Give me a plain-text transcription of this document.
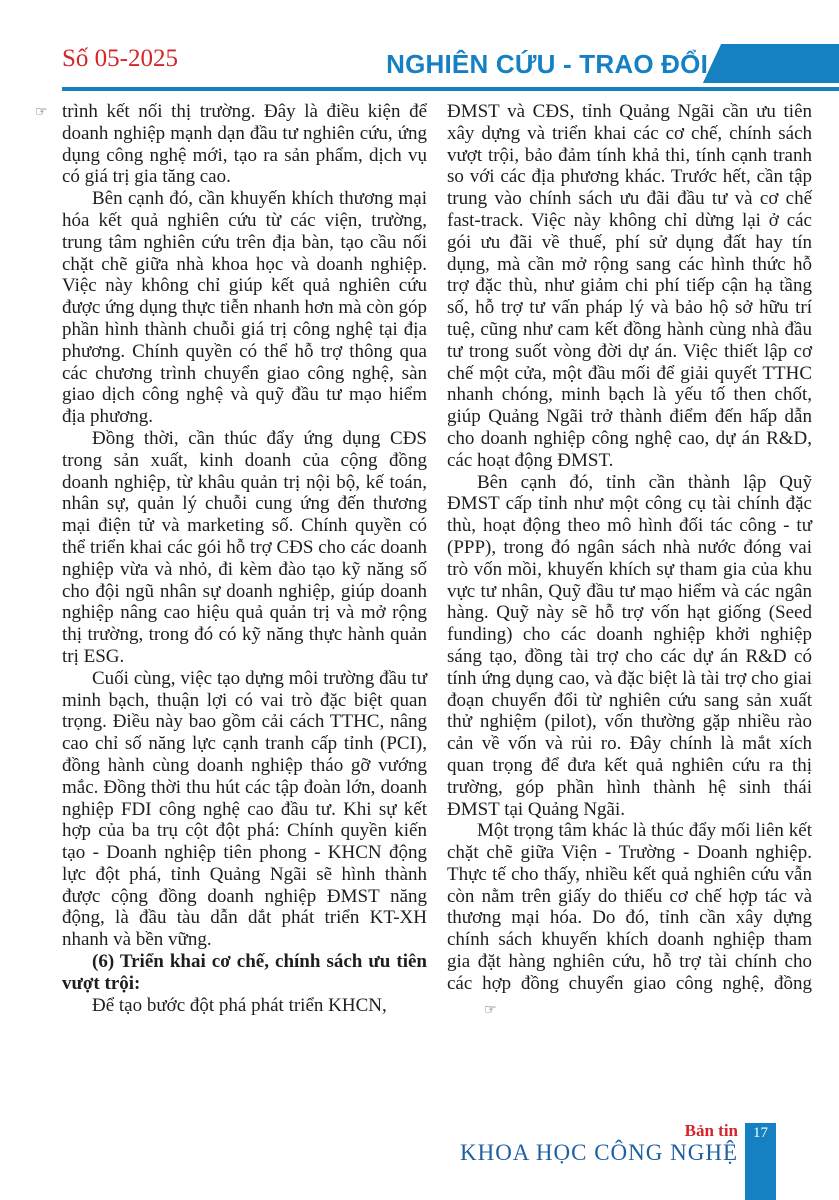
Số 05-2025	NGHIÊN CỨU - TRAO ĐỔI

☞ trình kết nối thị trường. Đây là điều kiện để doanh nghiệp mạnh dạn đầu tư nghiên cứu, ứng dụng công nghệ mới, tạo ra sản phẩm, dịch vụ có giá trị gia tăng cao.

Bên cạnh đó, cần khuyến khích thương mại hóa kết quả nghiên cứu từ các viện, trường, trung tâm nghiên cứu trên địa bàn, tạo cầu nối chặt chẽ giữa nhà khoa học và doanh nghiệp. Việc này không chỉ giúp kết quả nghiên cứu được ứng dụng thực tiễn nhanh hơn mà còn góp phần hình thành chuỗi giá trị công nghệ tại địa phương. Chính quyền có thể hỗ trợ thông qua các chương trình chuyển giao công nghệ, sàn giao dịch công nghệ và quỹ đầu tư mạo hiểm địa phương.

Đồng thời, cần thúc đẩy ứng dụng CĐS trong sản xuất, kinh doanh của cộng đồng doanh nghiệp, từ khâu quản trị nội bộ, kế toán, nhân sự, quản lý chuỗi cung ứng đến thương mại điện tử và marketing số. Chính quyền có thể triển khai các gói hỗ trợ CĐS cho các doanh nghiệp vừa và nhỏ, đi kèm đào tạo kỹ năng số cho đội ngũ nhân sự doanh nghiệp, giúp doanh nghiệp nâng cao hiệu quả quản trị và mở rộng thị trường, trong đó có kỹ năng thực hành quản trị ESG.

Cuối cùng, việc tạo dựng môi trường đầu tư minh bạch, thuận lợi có vai trò đặc biệt quan trọng. Điều này bao gồm cải cách TTHC, nâng cao chỉ số năng lực cạnh tranh cấp tỉnh (PCI), đồng hành cùng doanh nghiệp tháo gỡ vướng mắc. Đồng thời thu hút các tập đoàn lớn, doanh nghiệp FDI công nghệ cao đầu tư. Khi sự kết hợp của ba trụ cột đột phá: Chính quyền kiến tạo - Doanh nghiệp tiên phong - KHCN động lực đột phá, tỉnh Quảng Ngãi sẽ hình thành được cộng đồng doanh nghiệp ĐMST năng động, là đầu tàu dẫn dắt phát triển KT-XH nhanh và bền vững.

(6) Triển khai cơ chế, chính sách ưu tiên vượt trội:

Để tạo bước đột phá phát triển KHCN,

ĐMST và CĐS, tỉnh Quảng Ngãi cần ưu tiên xây dựng và triển khai các cơ chế, chính sách vượt trội, bảo đảm tính khả thi, tính cạnh tranh so với các địa phương khác. Trước hết, cần tập trung vào chính sách ưu đãi đầu tư và cơ chế fast-track. Việc này không chỉ dừng lại ở các gói ưu đãi về thuế, phí sử dụng đất hay tín dụng, mà cần mở rộng sang các hình thức hỗ trợ đặc thù, như giảm chi phí tiếp cận hạ tầng số, hỗ trợ tư vấn pháp lý và bảo hộ sở hữu trí tuệ, cũng như cam kết đồng hành cùng nhà đầu tư trong suốt vòng đời dự án. Việc thiết lập cơ chế một cửa, một đầu mối để giải quyết TTHC nhanh chóng, minh bạch là yếu tố then chốt, giúp Quảng Ngãi trở thành điểm đến hấp dẫn cho doanh nghiệp công nghệ cao, dự án R&D, các hoạt động ĐMST.

Bên cạnh đó, tỉnh cần thành lập Quỹ ĐMST cấp tỉnh như một công cụ tài chính đặc thù, hoạt động theo mô hình đối tác công - tư (PPP), trong đó ngân sách nhà nước đóng vai trò vốn mồi, khuyến khích sự tham gia của khu vực tư nhân, Quỹ đầu tư mạo hiểm và các ngân hàng. Quỹ này sẽ hỗ trợ vốn hạt giống (Seed funding) cho các doanh nghiệp khởi nghiệp sáng tạo, đồng tài trợ cho các dự án R&D có tính ứng dụng cao, và đặc biệt là tài trợ cho giai đoạn chuyển đổi từ nghiên cứu sang sản xuất thử nghiệm (pilot), vốn thường gặp nhiều rào cản về vốn và rủi ro. Đây chính là mắt xích quan trọng để đưa kết quả nghiên cứu ra thị trường, góp phần hình thành hệ sinh thái ĐMST tại Quảng Ngãi.

Một trọng tâm khác là thúc đẩy mối liên kết chặt chẽ giữa Viện - Trường - Doanh nghiệp. Thực tế cho thấy, nhiều kết quả nghiên cứu vẫn còn nằm trên giấy do thiếu cơ chế hợp tác và thương mại hóa. Do đó, tỉnh cần xây dựng chính sách khuyến khích doanh nghiệp tham gia đặt hàng nghiên cứu, hỗ trợ tài chính cho các hợp đồng chuyển giao công nghệ, đồng ☞

Bản tin
KHOA HỌC CÔNG NGHỆ
17
